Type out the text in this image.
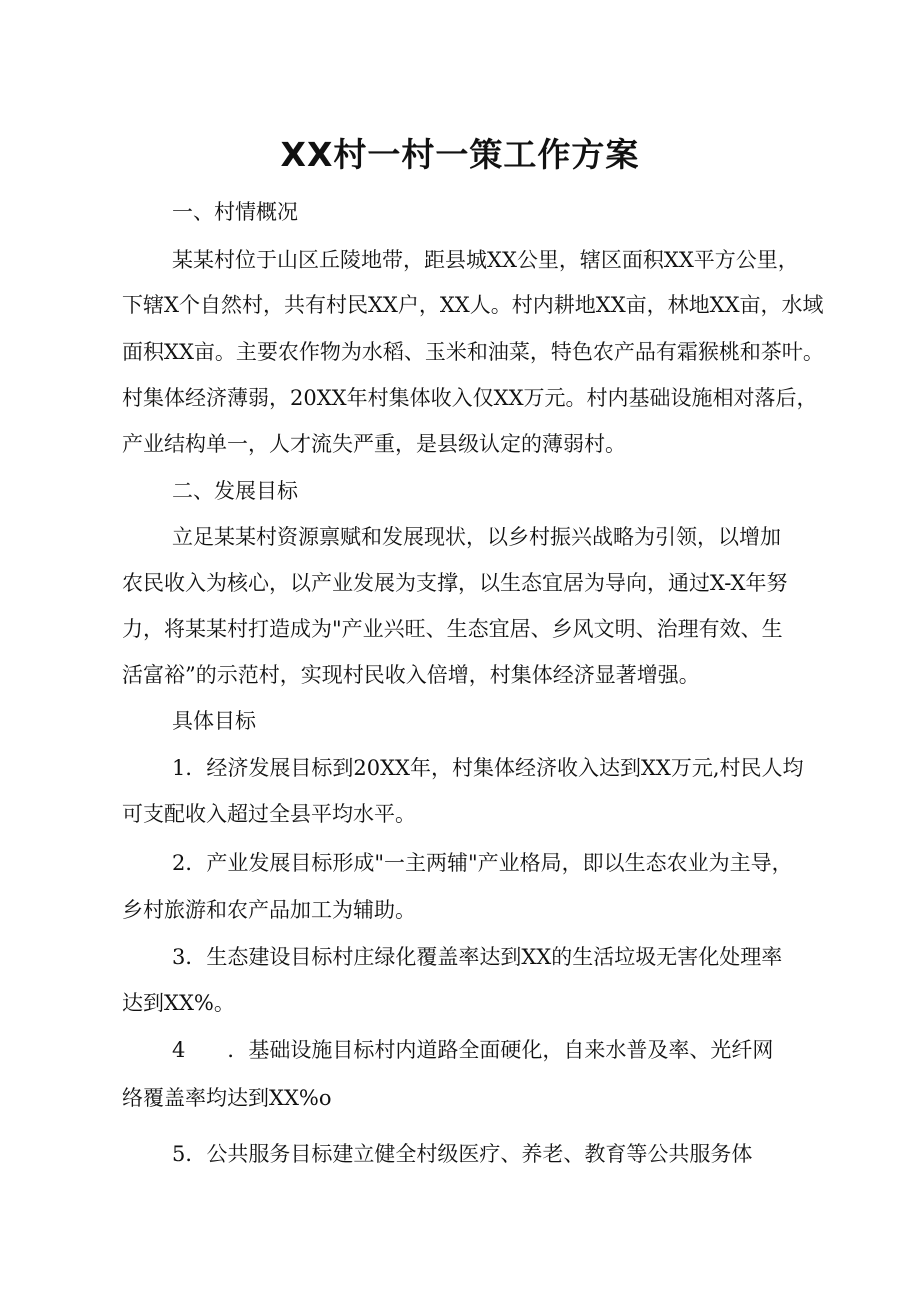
XX村一村一策工作方案
一、村情概况
某某村位于山区丘陵地带，距县城XX公里，辖区面积XX平方公里，
下辖X个自然村，共有村民XX户，XX人。村内耕地XX亩，林地XX亩，水域
面积XX亩。主要农作物为水稻、玉米和油菜，特色农产品有霜猴桃和茶叶。
村集体经济薄弱，20XX年村集体收入仅XX万元。村内基础设施相对落后，
产业结构单一，人才流失严重，是县级认定的薄弱村。
二、发展目标
立足某某村资源禀赋和发展现状，以乡村振兴战略为引领，以增加
农民收入为核心，以产业发展为支撑，以生态宜居为导向，通过X-X年努
力，将某某村打造成为"产业兴旺、生态宜居、乡风文明、治理有效、生
活富裕”的示范村，实现村民收入倍增，村集体经济显著增强。
具体目标
1．经济发展目标到20XX年，村集体经济收入达到XX万元,村民人均
可支配收入超过全县平均水平。
2．产业发展目标形成"一主两辅"产业格局，即以生态农业为主导，
乡村旅游和农产品加工为辅助。
3．生态建设目标村庄绿化覆盖率达到XX的生活垃圾无害化处理率
达到XX%。
4　　．基础设施目标村内道路全面硬化，自来水普及率、光纤网
络覆盖率均达到XX%o
5．公共服务目标建立健全村级医疗、养老、教育等公共服务体
